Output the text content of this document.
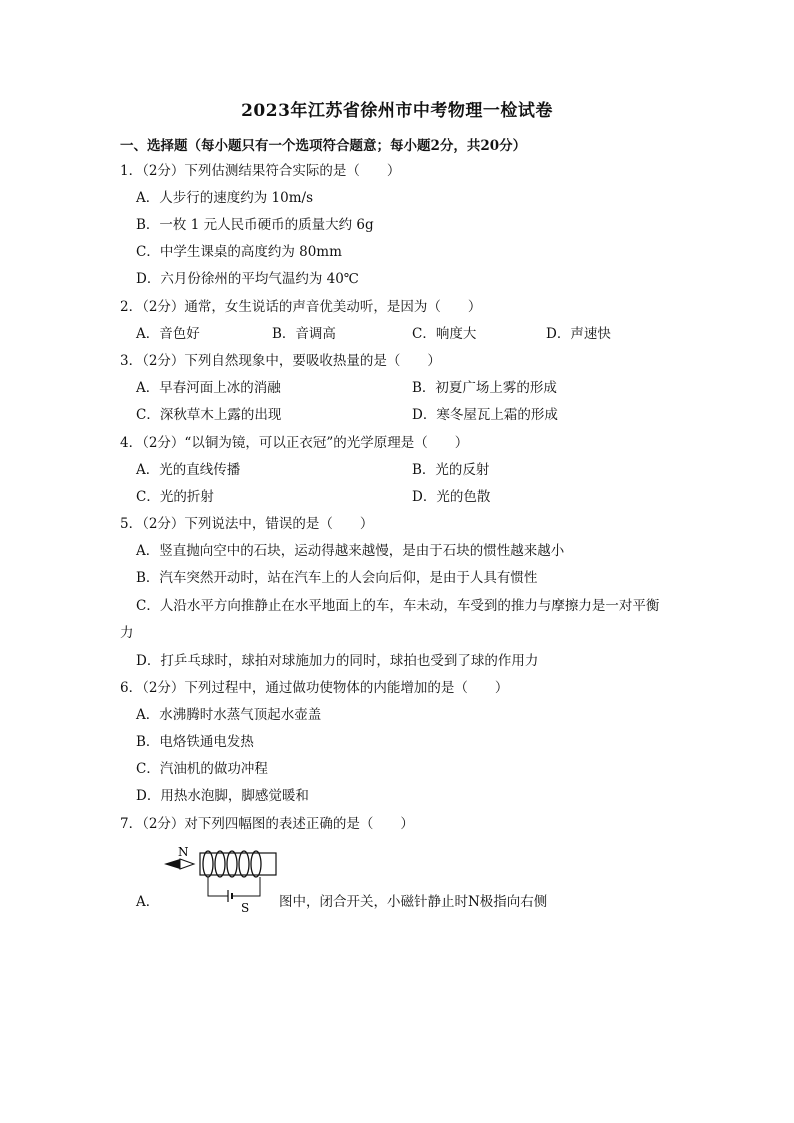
2023年江苏省徐州市中考物理一检试卷
一、选择题（每小题只有一个选项符合题意；每小题2分，共20分）
1．（2分）下列估测结果符合实际的是（　　）
A．人步行的速度约为 10m/s
B．一枚 1 元人民币硬币的质量大约 6g
C．中学生课桌的高度约为 80mm
D．六月份徐州的平均气温约为 40℃
2．（2分）通常，女生说话的声音优美动听，是因为（　　）
A．音色好	B．音调高	C．响度大	D．声速快
3．（2分）下列自然现象中，要吸收热量的是（　　）
A．早春河面上冰的消融	B．初夏广场上雾的形成
C．深秋草木上露的出现	D．寒冬屋瓦上霜的形成
4．（2分）“以铜为镜，可以正衣冠”的光学原理是（　　）
A．光的直线传播	B．光的反射
C．光的折射	D．光的色散
5．（2分）下列说法中，错误的是（　　）
A．竖直抛向空中的石块，运动得越来越慢，是由于石块的惯性越来越小
B．汽车突然开动时，站在汽车上的人会向后仰，是由于人具有惯性
C．人沿水平方向推静止在水平地面上的车，车未动，车受到的推力与摩擦力是一对平衡
力
D．打乒乓球时，球拍对球施加力的同时，球拍也受到了球的作用力
6．（2分）下列过程中，通过做功使物体的内能增加的是（　　）
A．水沸腾时水蒸气顶起水壶盖
B．电烙铁通电发热
C．汽油机的做功冲程
D．用热水泡脚，脚感觉暖和
7．（2分）对下列四幅图的表述正确的是（　　）
N
S
A．	图中，闭合开关，小磁针静止时N极指向右侧
